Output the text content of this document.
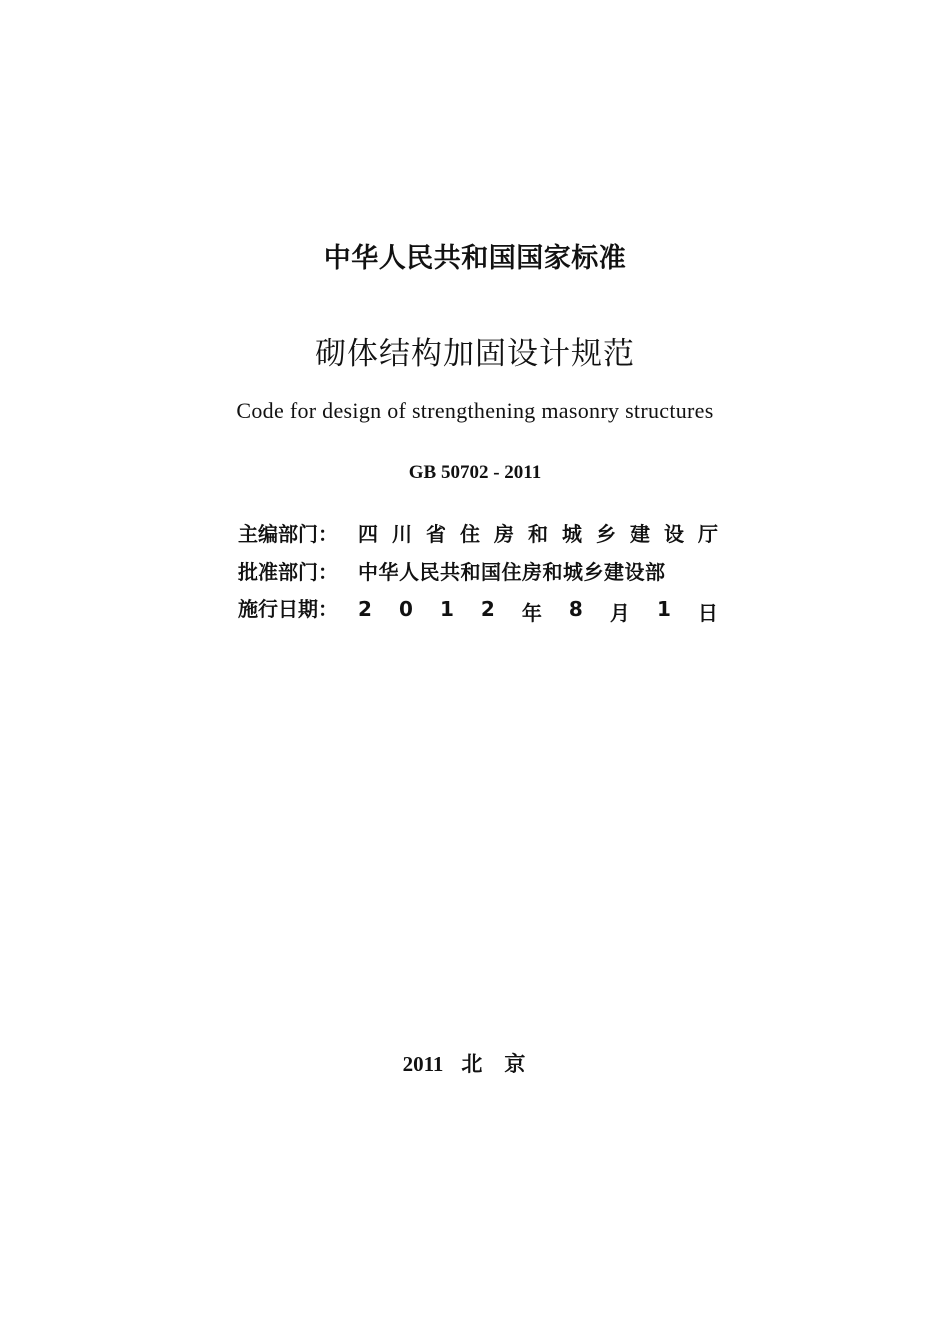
中华人民共和国国家标准
砌体结构加固设计规范
Code for design of strengthening masonry structures
GB 50702 - 2011
主编部门：	四 川 省 住 房 和 城 乡 建 设 厅
批准部门：	中华人民共和国住房和城乡建设部
施行日期：	2 0 1 2 年 8 月 1 日
2011 北京
